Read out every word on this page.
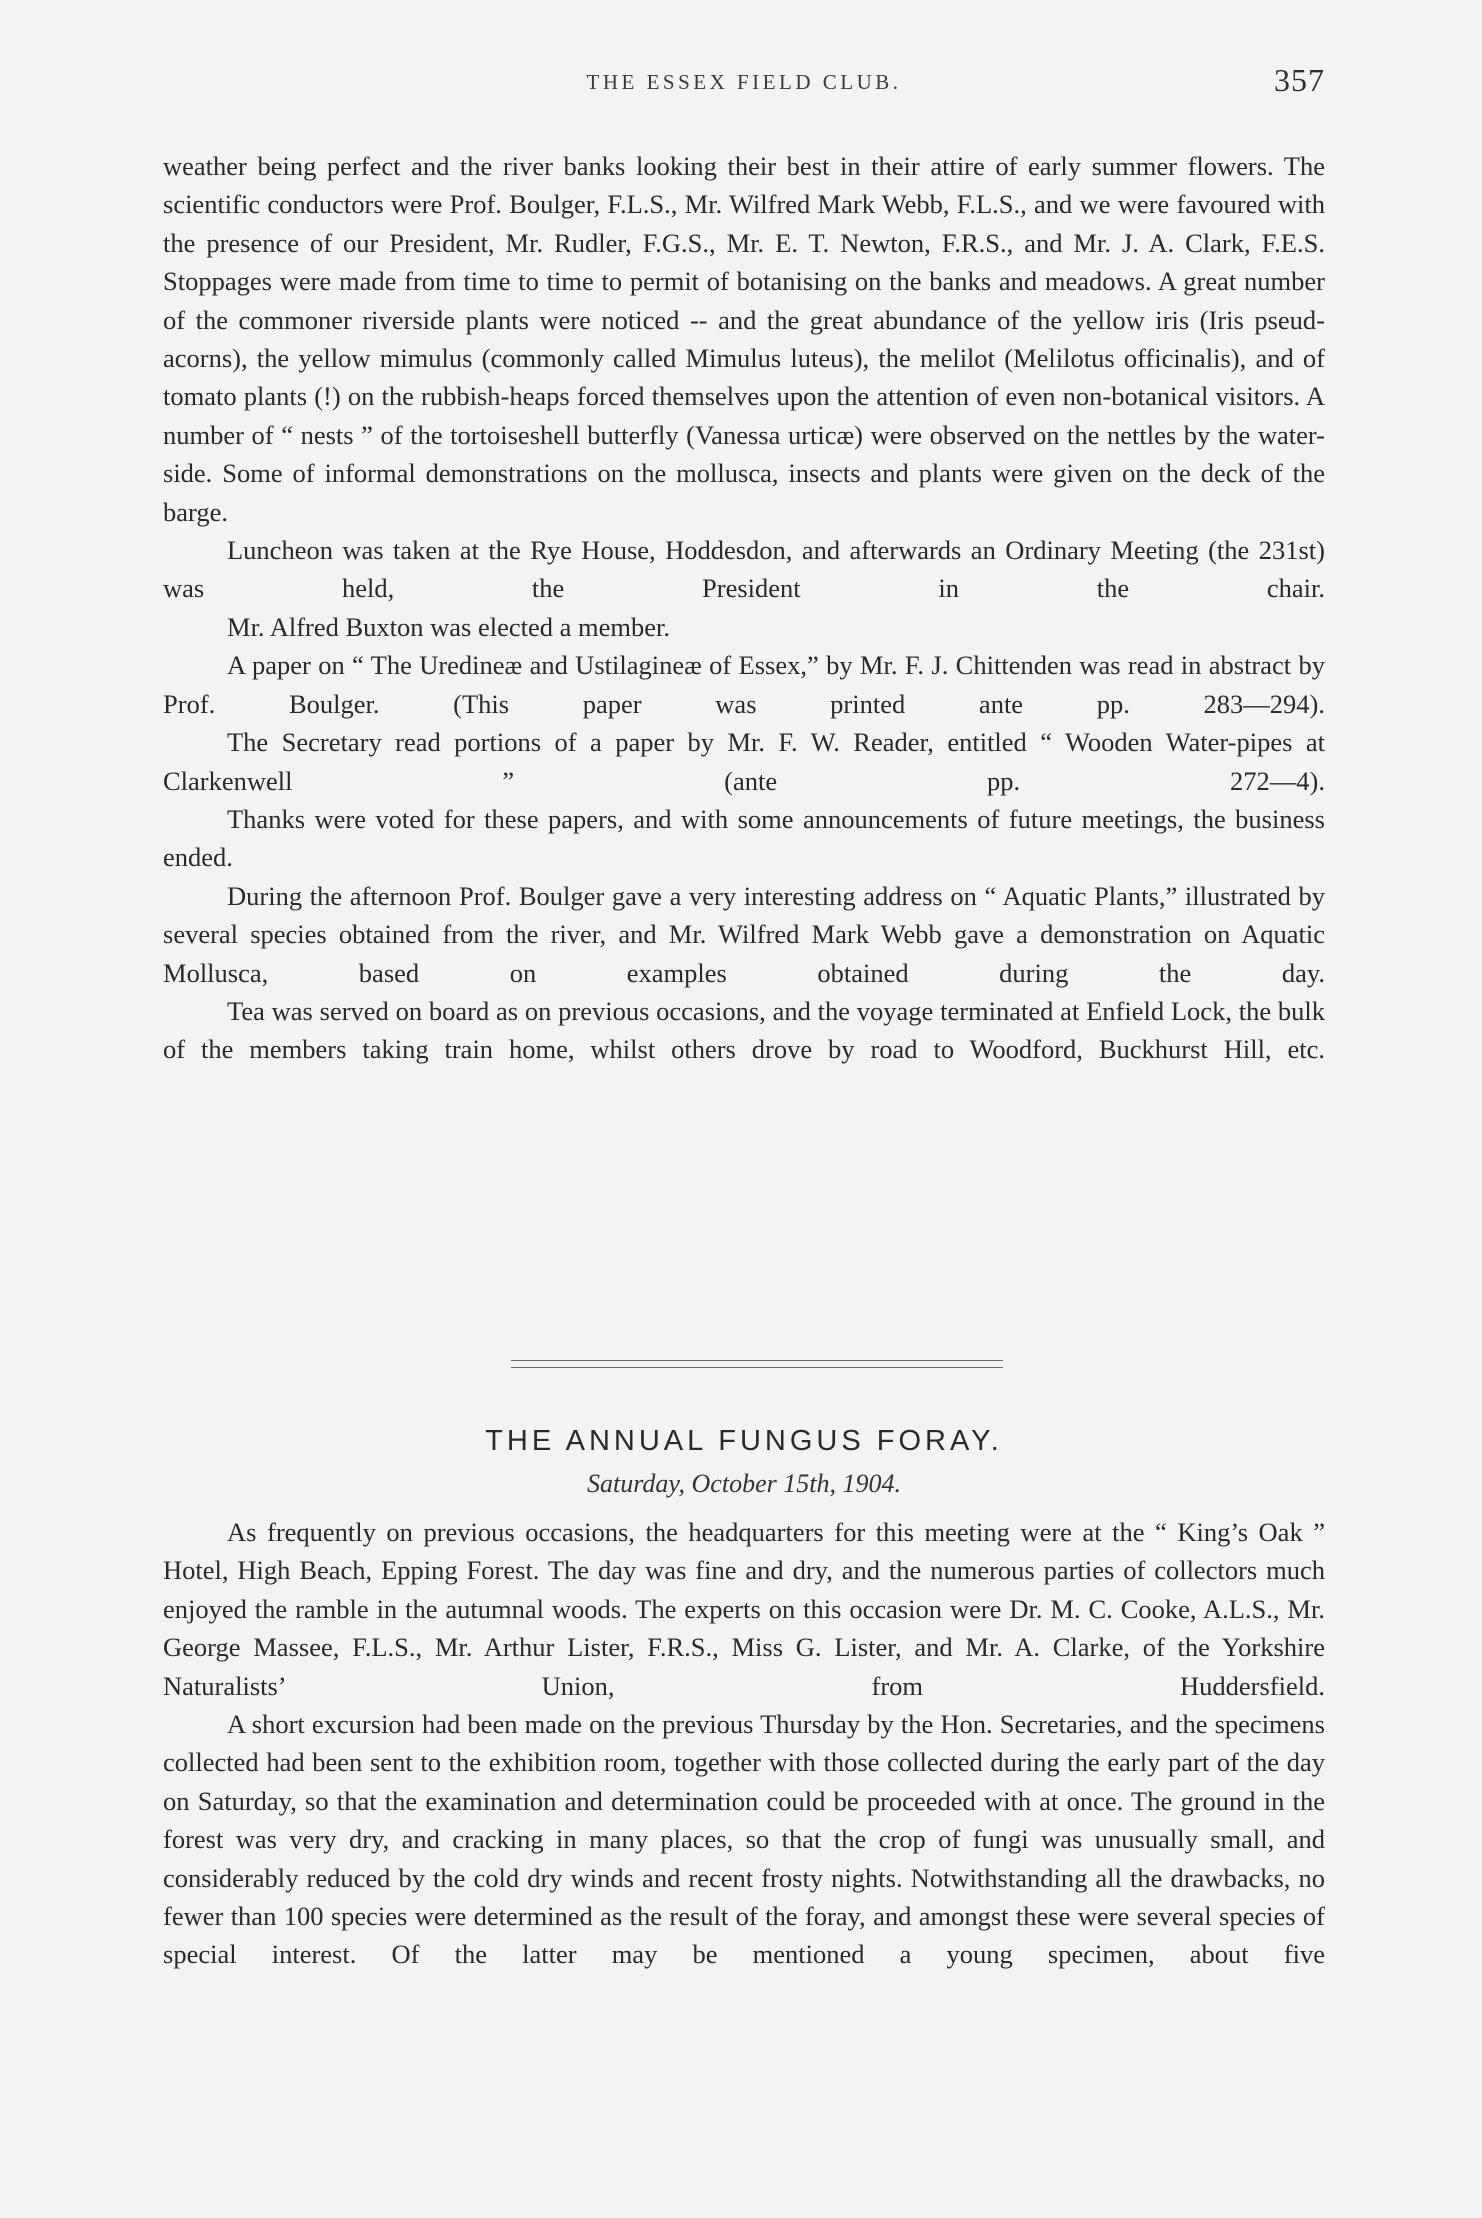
THE ESSEX FIELD CLUB.	357

weather being perfect and the river banks looking their best in their attire of early summer flowers. The scientific conductors were Prof. Boulger, F.L.S., Mr. Wilfred Mark Webb, F.L.S., and we were favoured with the presence of our President, Mr. Rudler, F.G.S., Mr. E. T. Newton, F.R.S., and Mr. J. A. Clark, F.E.S. Stoppages were made from time to time to permit of botanising on the banks and meadows. A great number of the commoner riverside plants were noticed -- and the great abundance of the yellow iris (Iris pseud-acorns), the yellow mimulus (commonly called Mimulus luteus), the melilot (Melilotus officinalis), and of tomato plants (!) on the rubbish-heaps forced themselves upon the attention of even non-botanical visitors. A number of “ nests ” of the tortoiseshell butterfly (Vanessa urticæ) were observed on the nettles by the water-side. Some of informal demonstrations on the mollusca, insects and plants were given on the deck of the barge.

Luncheon was taken at the Rye House, Hoddesdon, and afterwards an Ordinary Meeting (the 231st) was held, the President in the chair.

Mr. Alfred Buxton was elected a member.

A paper on “ The Uredineæ and Ustilagineæ of Essex,” by Mr. F. J. Chittenden was read in abstract by Prof. Boulger. (This paper was printed ante pp. 283—294).

The Secretary read portions of a paper by Mr. F. W. Reader, entitled “ Wooden Water-pipes at Clarkenwell ” (ante pp. 272—4).

Thanks were voted for these papers, and with some announcements of future meetings, the business ended.

During the afternoon Prof. Boulger gave a very interesting address on “ Aquatic Plants,” illustrated by several species obtained from the river, and Mr. Wilfred Mark Webb gave a demonstration on Aquatic Mollusca, based on examples obtained during the day.

Tea was served on board as on previous occasions, and the voyage terminated at Enfield Lock, the bulk of the members taking train home, whilst others drove by road to Woodford, Buckhurst Hill, etc.

THE ANNUAL FUNGUS FORAY.
Saturday, October 15th, 1904.

As frequently on previous occasions, the headquarters for this meeting were at the “ King’s Oak ” Hotel, High Beach, Epping Forest. The day was fine and dry, and the numerous parties of collectors much enjoyed the ramble in the autumnal woods. The experts on this occasion were Dr. M. C. Cooke, A.L.S., Mr. George Massee, F.L.S., Mr. Arthur Lister, F.R.S., Miss G. Lister, and Mr. A. Clarke, of the Yorkshire Naturalists’ Union, from Huddersfield.

A short excursion had been made on the previous Thursday by the Hon. Secretaries, and the specimens collected had been sent to the exhibition room, together with those collected during the early part of the day on Saturday, so that the examination and determination could be proceeded with at once. The ground in the forest was very dry, and cracking in many places, so that the crop of fungi was unusually small, and considerably reduced by the cold dry winds and recent frosty nights. Notwithstanding all the drawbacks, no fewer than 100 species were determined as the result of the foray, and amongst these were several species of special interest. Of the latter may be mentioned a young specimen, about five
